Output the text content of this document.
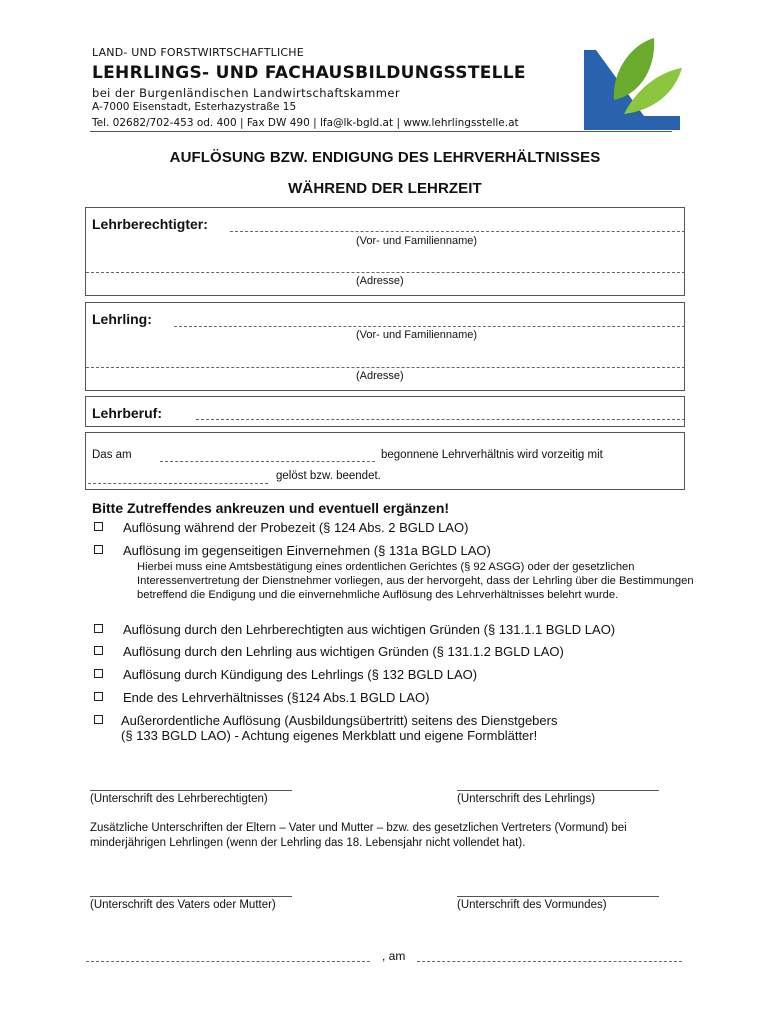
LAND- UND FORSTWIRTSCHAFTLICHE
LEHRLINGS- UND FACHAUSBILDUNGSSTELLE
bei der Burgenländischen Landwirtschaftskammer
A-7000 Eisenstadt, Esterhazystraße 15
Tel. 02682/702-453 od. 400 | Fax DW 490 | lfa@lk-bgld.at | www.lehrlingsstelle.at
AUFLÖSUNG BZW. ENDIGUNG DES LEHRVERHÄLTNISSES
WÄHREND DER LEHRZEIT
Lehrberechtigter:
(Vor- und Familienname)
(Adresse)
Lehrling:
(Vor- und Familienname)
(Adresse)
Lehrberuf:
Das am	begonnene Lehrverhältnis wird vorzeitig mit
gelöst bzw. beendet.
Bitte Zutreffendes ankreuzen und eventuell ergänzen!
Auflösung während der Probezeit (§ 124 Abs. 2 BGLD LAO)
Auflösung im gegenseitigen Einvernehmen (§ 131a BGLD LAO)
Hierbei muss eine Amtsbestätigung eines ordentlichen Gerichtes (§ 92 ASGG) oder der gesetzlichen Interessenvertretung der Dienstnehmer vorliegen, aus der hervorgeht, dass der Lehrling über die Bestimmungen betreffend die Endigung und die einvernehmliche Auflösung des Lehrverhältnisses belehrt wurde.
Auflösung durch den Lehrberechtigten aus wichtigen Gründen (§ 131.1.1 BGLD LAO)
Auflösung durch den Lehrling aus wichtigen Gründen (§ 131.1.2 BGLD LAO)
Auflösung durch Kündigung des Lehrlings (§ 132 BGLD LAO)
Ende des Lehrverhältnisses (§124 Abs.1 BGLD LAO)
Außerordentliche Auflösung (Ausbildungsübertritt) seitens des Dienstgebers
(§ 133 BGLD LAO) - Achtung eigenes Merkblatt und eigene Formblätter!
(Unterschrift des Lehrberechtigten)	(Unterschrift des Lehrlings)
Zusätzliche Unterschriften der Eltern – Vater und Mutter – bzw. des gesetzlichen Vertreters (Vormund) bei minderjährigen Lehrlingen (wenn der Lehrling das 18. Lebensjahr nicht vollendet hat).
(Unterschrift des Vaters oder Mutter)	(Unterschrift des Vormundes)
, am
